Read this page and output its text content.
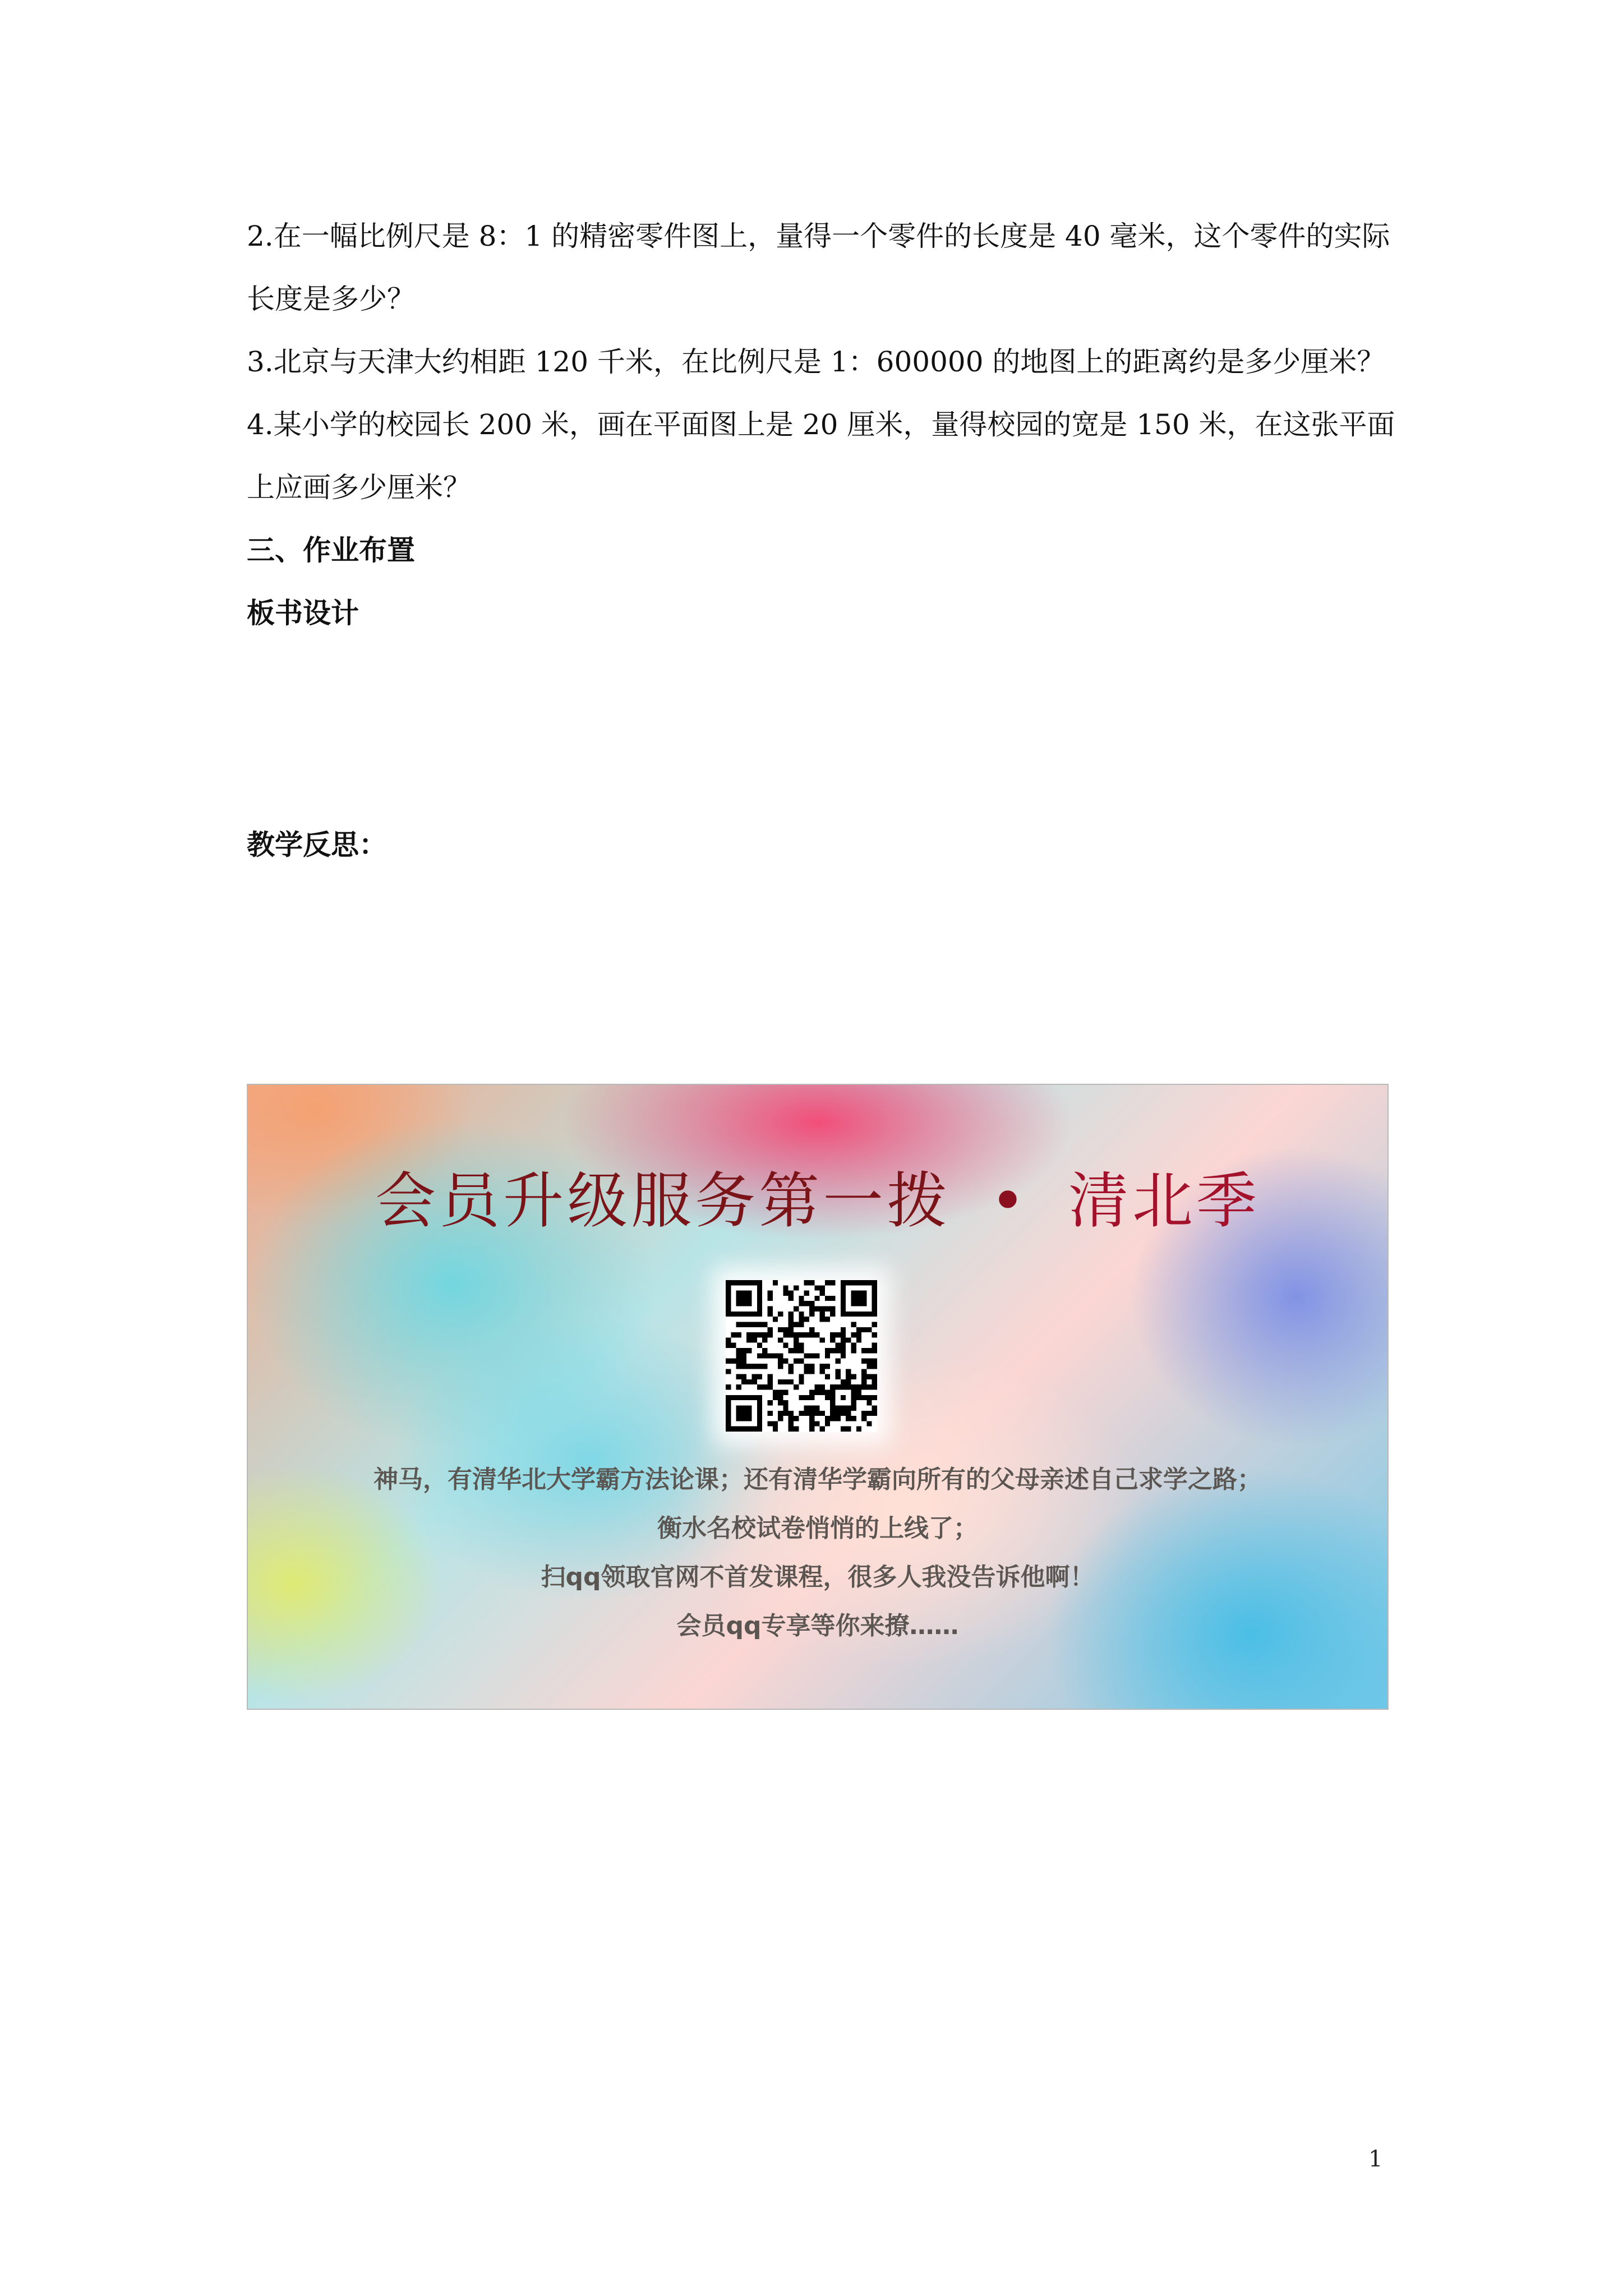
2.在一幅比例尺是 8：1 的精密零件图上，量得一个零件的长度是 40 毫米，这个零件的实际

长度是多少？

3.北京与天津大约相距 120 千米，在比例尺是 1：600000 的地图上的距离约是多少厘米？

4.某小学的校园长 200 米，画在平面图上是 20 厘米，量得校园的宽是 150 米，在这张平面

上应画多少厘米？

三、作业布置

板书设计

教学反思：

会员升级服务第一拨 • 清北季
神马，有清华北大学霸方法论课；还有清华学霸向所有的父母亲述自己求学之路；
衡水名校试卷悄悄的上线了；
扫qq领取官网不首发课程，很多人我没告诉他啊！
会员qq专享等你来撩……
1
